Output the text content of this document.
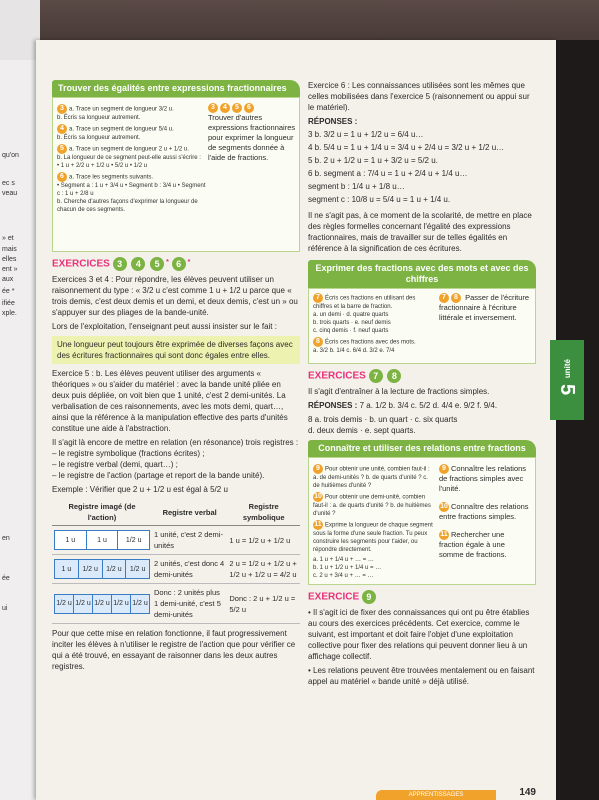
qu'on
ec s
veau
» et
mais
elles
ent »
aux
ée *
ifiée
xple.
en
ée
ui
unité
5
Trouver des égalités entre expressions fractionnaires
3 a. Trace un segment de longueur 3/2 u.
b. Écris sa longueur autrement.
4 a. Trace un segment de longueur 5/4 u.
b. Écris sa longueur autrement.
5 a. Trace un segment de longueur 2 u + 1/2 u.
b. La longueur de ce segment peut-elle aussi s'écrire :
• 1 u + 2/2 u + 1/2 u • 5/2 u • 1/2 u
6 a. Trace les segments suivants.
• Segment a : 1 u + 3/4 u • Segment b : 3/4 u • Segment c : 1 u + 2/8 u
b. Cherche d'autres façons d'exprimer la longueur de chacun de ces segments.
3 4 5 6
Trouver d'autres expressions fractionnaires pour exprimer la longueur de segments donnée à l'aide de fractions.
EXERCICES 3 4 5 * 6 *

Exercices 3 et 4 : Pour répondre, les élèves peuvent utiliser un raisonnement du type : « 3/2 u c'est comme 1 u + 1/2 u parce que « trois demis, c'est deux demis et un demi, et deux demis, c'est un » ou s'appuyer sur des pliages de la bande-unité.

Lors de l'exploitation, l'enseignant peut aussi insister sur le fait :

Une longueur peut toujours être exprimée de diverses façons avec des écritures fractionnaires qui sont donc égales entre elles.

Exercice 5 : b. Les élèves peuvent utiliser des arguments « théoriques » ou s'aider du matériel : avec la bande unité pliée en deux puis dépliée, on voit bien que 1 unité, c'est 2 demi-unités. La verbalisation de ces raisonnements, avec les mots demi, quart…, ainsi que la référence à la manipulation effective des parts d'unités constitue une aide à l'abstraction.

Il s'agit là encore de mettre en relation (en résonance) trois registres :

– le registre symbolique (fractions écrites) ;

– le registre verbal (demi, quart…) ;

– le registre de l'action (partage et report de la bande unité).

Exemple : Vérifier que 2 u + 1/2 u est égal à 5/2 u

Registre imagé (de l'action)	Registre verbal	Registre symbolique

1 u 1 u 1/2 u	1 unité, c'est 2 demi-unités	1 u = 1/2 u + 1/2 u

1 u 1/2 u 1/2 u 1/2 u	2 unités, c'est donc 4 demi-unités	2 u = 1/2 u + 1/2 u + 1/2 u + 1/2 u = 4/2 u

1/2 u 1/2 u 1/2 u 1/2 u 1/2 u	Donc : 2 unités plus 1 demi-unité, c'est 5 demi-unités	Donc : 2 u + 1/2 u = 5/2 u

Pour que cette mise en relation fonctionne, il faut progressivement inciter les élèves à n'utiliser le registre de l'action que pour vérifier ce qui a été trouvé, en essayant de raisonner dans les deux autres registres.

Exercice 6 : Les connaissances utilisées sont les mêmes que celles mobilisées dans l'exercice 5 (raisonnement ou appui sur le matériel).

RÉPONSES :

3 b. 3/2 u = 1 u + 1/2 u = 6/4 u…

4 b. 5/4 u = 1 u + 1/4 u = 3/4 u + 2/4 u = 3/2 u + 1/2 u…

5 b. 2 u + 1/2 u = 1 u + 3/2 u = 5/2 u.

6 b. segment a : 7/4 u = 1 u + 2/4 u + 1/4 u…

segment b : 1/4 u + 1/8 u…

segment c : 10/8 u = 5/4 u = 1 u + 1/4 u.

Il ne s'agit pas, à ce moment de la scolarité, de mettre en place des règles formelles concernant l'égalité des expressions fractionnaires, mais de travailler sur de telles égalités en référence à la signification de ces écritures.

Exprimer des fractions avec des mots et avec des chiffres
7 Écris ces fractions en utilisant des chiffres et la barre de fraction.
a. un demi · d. quatre quarts
b. trois quarts · e. neuf demis
c. cinq demis · f. neuf quarts
8 Écris ces fractions avec des mots.
a. 3/2 b. 1/4 c. 6/4 d. 3/2 e. 7/4
7 8 Passer de l'écriture fractionnaire à l'écriture littérale et inversement.
EXERCICES 7 8

Il s'agit d'entraîner à la lecture de fractions simples.

RÉPONSES : 7 a. 1/2 b. 3/4 c. 5/2 d. 4/4 e. 9/2 f. 9/4.

8 a. trois demis · b. un quart · c. six quarts
d. deux demis · e. sept quarts.

Connaître et utiliser des relations entre fractions
9 Pour obtenir une unité, combien faut-il : a. de demi-unités ? b. de quarts d'unité ? c. de huitièmes d'unité ?
10 Pour obtenir une demi-unité, combien faut-il : a. de quarts d'unité ? b. de huitièmes d'unité ?
11 Exprime la longueur de chaque segment sous la forme d'une seule fraction. Tu peux construire les segments pour t'aider, ou répondre directement.
a. 1 u + 1/4 u + … = …
b. 1 u + 1/2 u + 1/4 u = …
c. 2 u + 3/4 u + … = …
9 Connaître les relations de fractions simples avec l'unité.
10 Connaître des relations entre fractions simples.
11 Rechercher une fraction égale à une somme de fractions.
EXERCICE 9

• Il s'agit ici de fixer des connaissances qui ont pu être établies au cours des exercices précédents. Cet exercice, comme le suivant, est important et doit faire l'objet d'une exploitation collective pour fixer des relations qui peuvent donner lieu à un affichage collectif.

• Les relations peuvent être trouvées mentalement ou en faisant appel au matériel « bande unité » déjà utilisé.

APPRENTISSAGES	149
